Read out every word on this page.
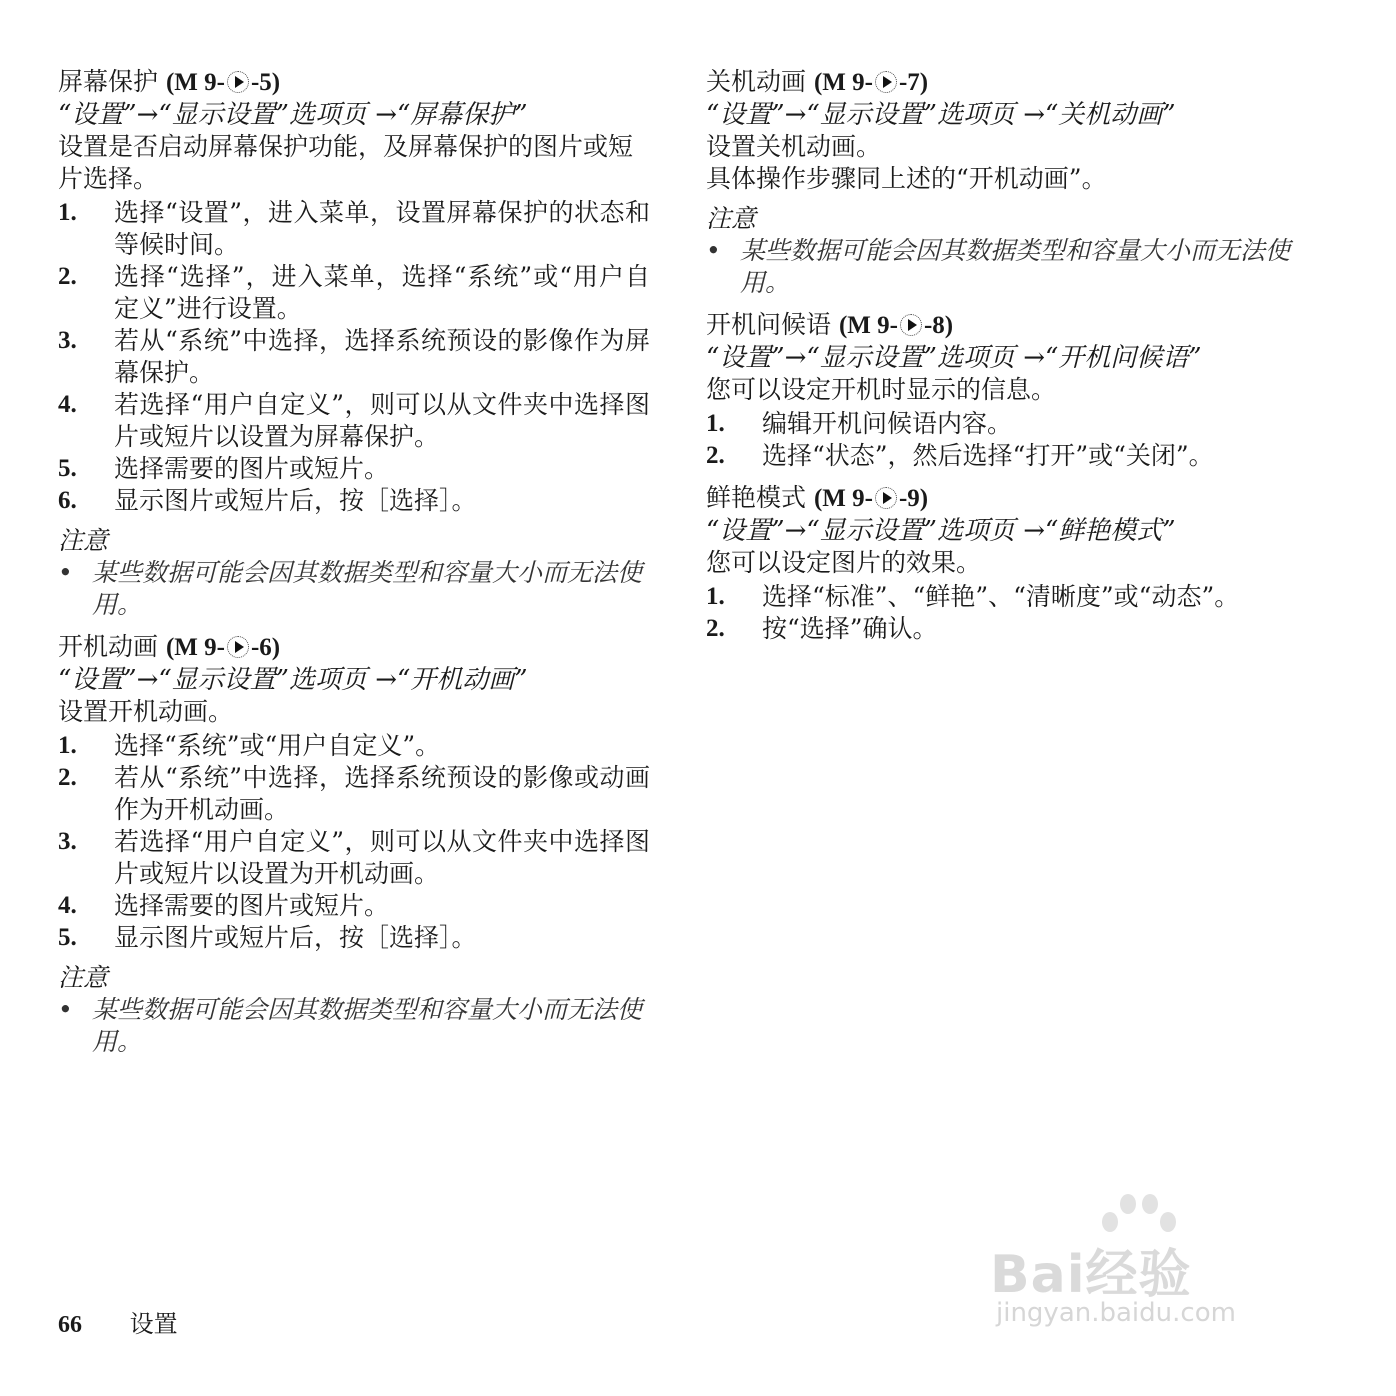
屏幕保护 (M 9- -5)
“设置”→“显示设置”选项页 →“屏幕保护”
设置是否启动屏幕保护功能，及屏幕保护的图片或短片选择。
1.	选择“设置”，进入菜单，设置屏幕保护的状态和等候时间。
2.	选择“选择”，进入菜单，选择“系统”或“用户自定义”进行设置。
3.	若从“系统”中选择，选择系统预设的影像作为屏幕保护。
4.	若选择“用户自定义”，则可以从文件夹中选择图片或短片以设置为屏幕保护。
5.	选择需要的图片或短片。
6.	显示图片或短片后，按［选择］。
注意
• 某些数据可能会因其数据类型和容量大小而无法使用。
开机动画 (M 9- -6)
“设置”→“显示设置”选项页 →“开机动画”
设置开机动画。
1.	选择“系统”或“用户自定义”。
2.	若从“系统”中选择，选择系统预设的影像或动画作为开机动画。
3.	若选择“用户自定义”，则可以从文件夹中选择图片或短片以设置为开机动画。
4.	选择需要的图片或短片。
5.	显示图片或短片后，按［选择］。
注意
• 某些数据可能会因其数据类型和容量大小而无法使用。
关机动画 (M 9- -7)
“设置”→“显示设置”选项页 →“关机动画”
设置关机动画。
具体操作步骤同上述的“开机动画”。
注意
• 某些数据可能会因其数据类型和容量大小而无法使用。
开机问候语 (M 9- -8)
“设置”→“显示设置”选项页 →“开机问候语”
您可以设定开机时显示的信息。
1.	编辑开机问候语内容。
2.	选择“状态”，然后选择“打开”或“关闭”。
鲜艳模式 (M 9- -9)
“设置”→“显示设置”选项页 →“鲜艳模式”
您可以设定图片的效果。
1.	选择“标准”、“鲜艳”、“清晰度”或“动态”。
2.	按“选择”确认。
66 设置
Bai经验
jingyan.baidu.com
